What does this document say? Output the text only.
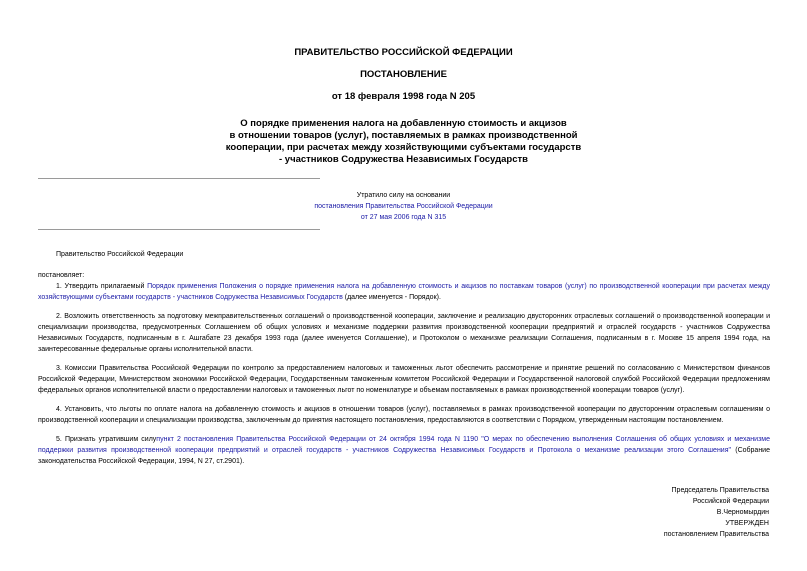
ПРАВИТЕЛЬСТВО РОССИЙСКОЙ ФЕДЕРАЦИИ
ПОСТАНОВЛЕНИЕ
от 18 февраля 1998 года N 205
О порядке применения налога на добавленную стоимость и акцизов
в отношении товаров (услуг), поставляемых в рамках производственной
кооперации, при расчетах между хозяйствующими субъектами государств
- участников Содружества Независимых Государств
Утратило силу на основании
постановления Правительства Российской Федерации
от 27 мая 2006 года N 315
Правительство Российской Федерации
постановляет:
1. Утвердить прилагаемый Порядок применения Положения о порядке применения налога на добавленную стоимость и акцизов по поставкам товаров (услуг) по производственной кооперации при расчетах между хозяйствующими субъектами государств - участников Содружества Независимых Государств (далее именуется - Порядок).
2. Возложить ответственность за подготовку межправительственных соглашений о производственной кооперации, заключение и реализацию двусторонних отраслевых соглашений о производственной кооперации и специализации производства, предусмотренных Соглашением об общих условиях и механизме поддержки развития производственной кооперации предприятий и отраслей государств - участников Содружества Независимых Государств, подписанным в г. Ашгабате 23 декабря 1993 года (далее именуется Соглашение), и Протоколом о механизме реализации Соглашения, подписанным в г. Москве 15 апреля 1994 года, на заинтересованные федеральные органы исполнительной власти.
3. Комиссии Правительства Российской Федерации по контролю за предоставлением налоговых и таможенных льгот обеспечить рассмотрение и принятие решений по согласованию с Министерством финансов Российской Федерации, Министерством экономики Российской Федерации, Государственным таможенным комитетом Российской Федерации и Государственной налоговой службой Российской Федерации предложениям федеральных органов исполнительной власти о предоставлении налоговых и таможенных льгот по номенклатуре и объемам поставляемых в рамках производственной кооперации товаров (услуг).
4. Установить, что льготы по оплате налога на добавленную стоимость и акцизов в отношении товаров (услуг), поставляемых в рамках производственной кооперации по двусторонним отраслевым соглашениям о производственной кооперации и специализации производства, заключенным до принятия настоящего постановления, предоставляются в соответствии с Порядком, утвержденным настоящим постановлением.
5. Признать утратившим силупункт 2 постановления Правительства Российской Федерации от 24 октября 1994 года N 1190 "О мерах по обеспечению выполнения Соглашения об общих условиях и механизме поддержки развития производственной кооперации предприятий и отраслей государств - участников Содружества Независимых Государств и Протокола о механизме реализации этого Соглашения" (Собрание законодательства Российской Федерации, 1994, N 27, ст.2901).
Председатель Правительства
Российской Федерации
В.Черномырдин
УТВЕРЖДЕН
постановлением Правительства
